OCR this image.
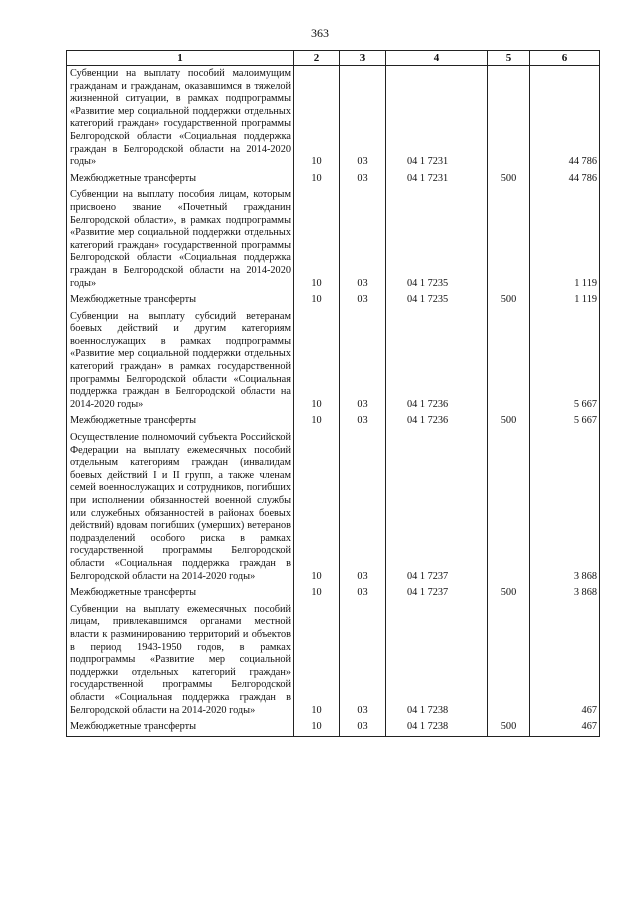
363
1	2	3	4	5	6
Субвенции на выплату пособий малоимущим гражданам и гражданам, оказавшимся в тяжелой жизненной ситуации, в рамках подпрограммы «Развитие мер социальной поддержки отдельных категорий граждан» государственной программы Белгородской области «Социальная поддержка граждан в Белгородской области на 2014-2020 годы»	10	03	04 1 7231		44 786
Межбюджетные трансферты	10	03	04 1 7231	500	44 786
Субвенции на выплату пособия лицам, которым присвоено звание «Почетный гражданин Белгородской области», в рамках подпрограммы «Развитие мер социальной поддержки отдельных категорий граждан» государственной программы Белгородской области «Социальная поддержка граждан в Белгородской области на 2014-2020 годы»	10	03	04 1 7235		1 119
Межбюджетные трансферты	10	03	04 1 7235	500	1 119
Субвенции на выплату субсидий ветеранам боевых действий и другим категориям военнослужащих в рамках подпрограммы «Развитие мер социальной поддержки отдельных категорий граждан» в рамках государственной программы Белгородской области «Социальная поддержка граждан в Белгородской области на 2014-2020 годы»	10	03	04 1 7236		5 667
Межбюджетные трансферты	10	03	04 1 7236	500	5 667
Осуществление полномочий субъекта Российской Федерации на выплату ежемесячных пособий отдельным категориям граждан (инвалидам боевых действий I и II групп, а также членам семей военнослужащих и сотрудников, погибших при исполнении обязанностей военной службы или служебных обязанностей в районах боевых действий) вдовам погибших (умерших) ветеранов подразделений особого риска в рамках государственной программы Белгородской области «Социальная поддержка граждан в Белгородской области на 2014-2020 годы»	10	03	04 1 7237		3 868
Межбюджетные трансферты	10	03	04 1 7237	500	3 868
Субвенции на выплату ежемесячных пособий лицам, привлекавшимся органами местной власти к разминированию территорий и объектов в период 1943-1950 годов, в рамках подпрограммы «Развитие мер социальной поддержки отдельных категорий граждан» государственной программы Белгородской области «Социальная поддержка граждан в Белгородской области на 2014-2020 годы»	10	03	04 1 7238		467
Межбюджетные трансферты	10	03	04 1 7238	500	467
